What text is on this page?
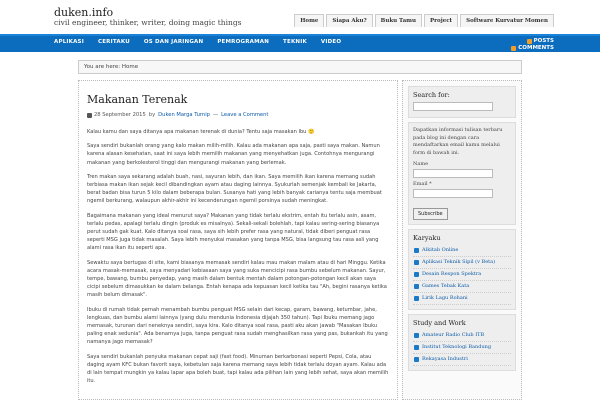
duken.info
civil engineer, thinker, writer, doing magic things	Home	Siapa Aku?	Buku Tamu	Project	Software Kurvatur Momen
APLIKASI	CERITAKU	OS DAN JARINGAN	PEMROGRAMAN	TEKNIK	VIDEO	POSTS
COMMENTS
You are here: Home
Makanan Terenak
28 September 2015 by Duken Marga Turnip — Leave a Comment

Kalau kamu dan saya ditanya apa makanan terenak di dunia? Tentu saja masakan Ibu 🙂

Saya sendiri bukanlah orang yang kalo makan milih-milih. Kalau ada makanan apa saja, pasti saya makan. Namun karena alasan kesehatan, saat ini saya lebih memilih makanan yang menyehatkan juga. Contohnya mengurangi makanan yang berkolesterol tinggi dan mengurangi makanan yang berlemak.

Tren makan saya sekarang adalah buah, nasi, sayuran lebih, dan ikan. Saya memilih ikan karena memang sudah terbiasa makan ikan sejak kecil dibandingkan ayam atau daging lainnya. Syukurlah semenjak kembali ke Jakarta, berat badan bisa turun 5 kilo dalam beberapa bulan. Susanya hati yang lebih banyak carianya tentu saja membuat ngemil berkurang, walaupun akhir-akhir ini kecenderungan ngemil porsinya sudah meningkat.

Bagaimana makanan yang ideal menurut saya? Makanan yang tidak terlalu ekstrim, entah itu terlalu asin, asam, terlalu pedas, apalagi terlalu dingin (produk es misalnya). Sekali-sekali bolehlah, tapi kalau sering-sering biasanya perut sudah gak kuat. Kalo ditanya soal rasa, saya sih lebih prefer rasa yang natural, tidak diberi penguat rasa seperti MSG juga tidak masalah. Saya lebih menyukai masakan yang tanpa MSG, bisa langsung tau rasa asli yang alami rasa ikan itu seperti apa.

Sewaktu saya bertugas di site, kami biasanya memasak sendiri kalau mau makan malam atau di hari Minggu. Ketika acara masak-memasak, saya menyadari kebiasaan saya yang suka mencicipi rasa bumbu sebelum makanan. Sayur, tempe, bawang, bumbu penyedap, yang masih dalam bentuk mentah dalam potongan-potongan kecil akan saya cicipi sebelum dimasukkan ke dalam belanga. Entah kenapa ada kepuasan kecil ketika tau "Ah, begini rasanya ketika masih belum dimasak".

Ibuku di rumah tidak pernah menambah bumbu penguat MSG selain dari kecap, garam, bawang, ketumbar, jahe, lengkuas, dan bumbu alami lainnya (yang dulu mendunia Indonesia dijajah 350 tahun). Tapi Ibuku memang jago memasak, turunan dari neneknya sendiri, saya kira. Kalo ditanya soal rasa, pasti aku akan jawab "Masakan Ibuku paling enak sedunia". Ada benarnya juga, tanpa penguat rasa sudah menghasilkan rasa yang pas, bukankah itu yang namanya jago memasak?

Saya sendiri bukanlah penyuka makanan cepat saji (fast food). Minuman berkarbonasi seperti Pepsi, Cola, atau daging ayam KFC bukan favorit saya, kebetulan saja karena memang saya lebih tidak terlalu doyan ayam. Kalau ada di lain tempat mungkin ya kalau lapar apa boleh buat, tapi kalau ada pilihan lain yang lebih sehat, saya akan memilih itu.

Search for:
Dapatkan informasi tulisan terbaru pada blog ini dengan cara mendaftarkan email kamu melalui form di bawah ini.
Name
Email *
Subscribe
Karyaku
Alkitab Online
Aplikasi Teknik Sipil (v Beta)
Desain Respon Spektra
Games Tebak Kata
Lirik Lagu Rohani
Study and Work
Amateur Radio Club ITB
Institut Teknologi Bandung
Rekayasa Industri
